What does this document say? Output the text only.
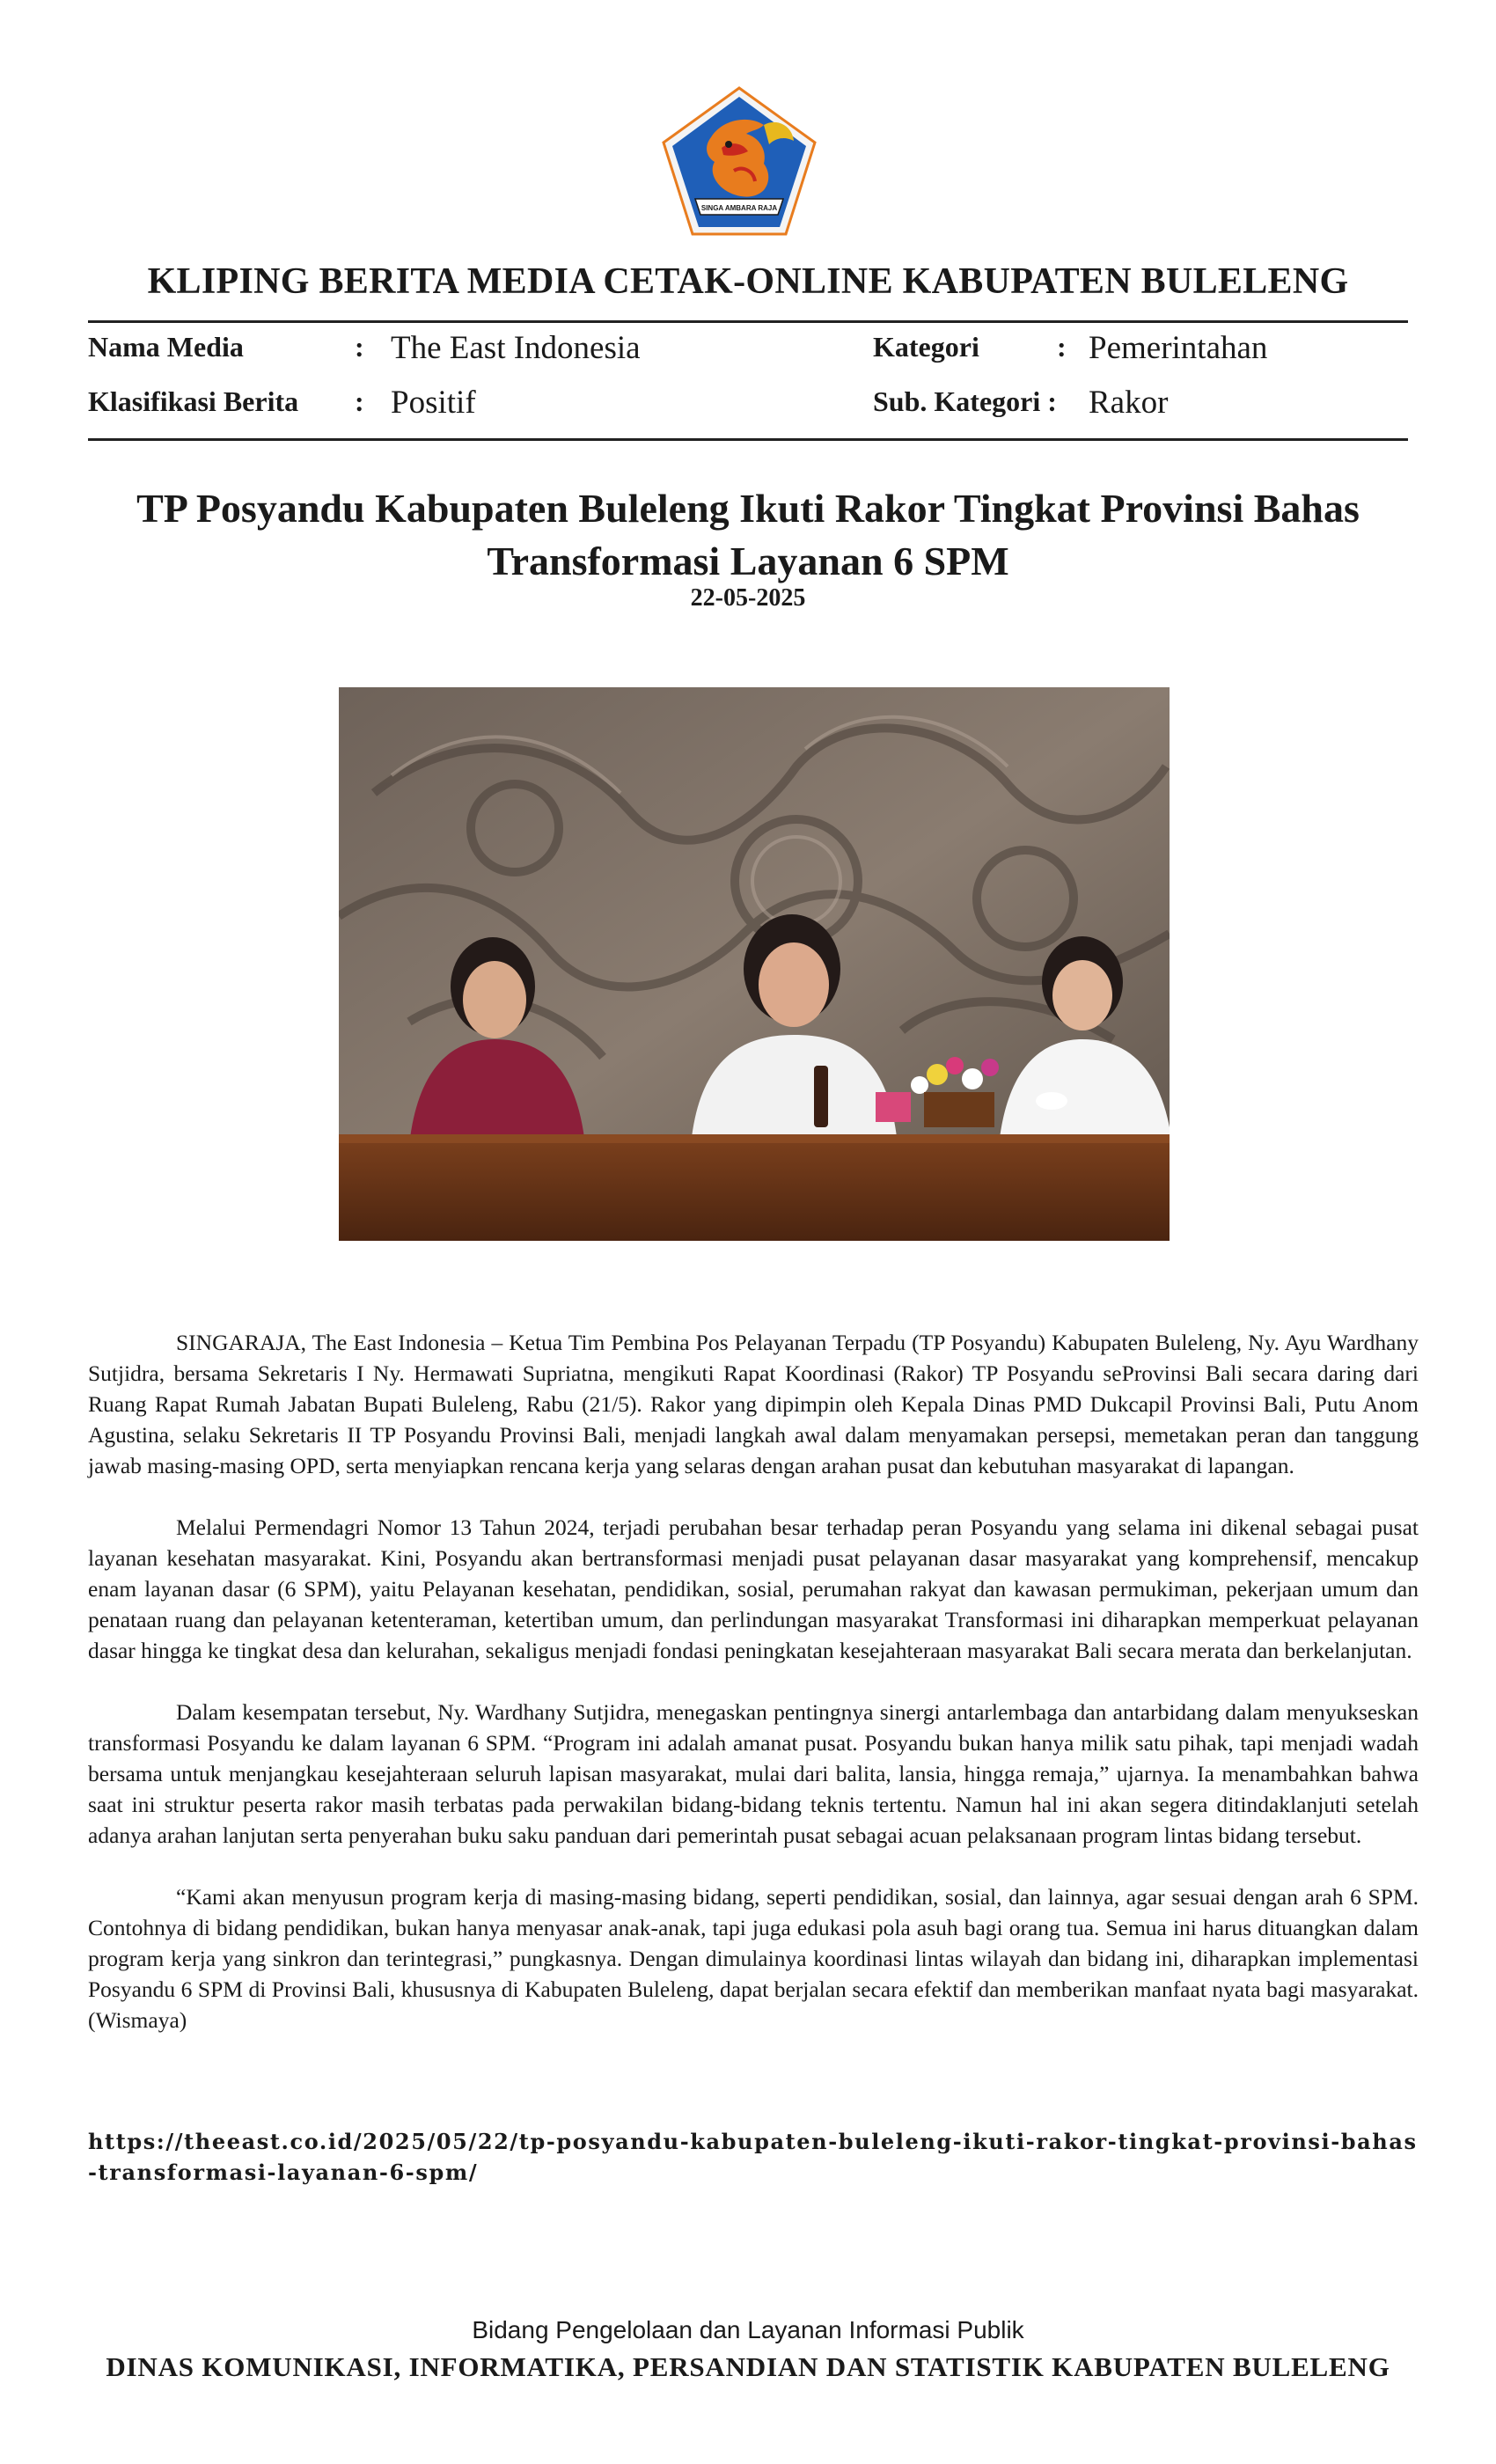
SINGA AMBARA RAJA
KLIPING BERITA MEDIA CETAK-ONLINE KABUPATEN BULELENG
Nama Media	: The East Indonesia	Kategori	: Pemerintahan
Klasifikasi Berita : Positif	Sub. Kategori : Rakor
TP Posyandu Kabupaten Buleleng Ikuti Rakor Tingkat Provinsi Bahas Transformasi Layanan 6 SPM
22-05-2025

SINGARAJA, The East Indonesia – Ketua Tim Pembina Pos Pelayanan Terpadu (TP Posyandu) Kabupaten Buleleng, Ny. Ayu Wardhany Sutjidra, bersama Sekretaris I Ny. Hermawati Supriatna, mengikuti Rapat Koordinasi (Rakor) TP Posyandu seProvinsi Bali secara daring dari Ruang Rapat Rumah Jabatan Bupati Buleleng, Rabu (21/5). Rakor yang dipimpin oleh Kepala Dinas PMD Dukcapil Provinsi Bali, Putu Anom Agustina, selaku Sekretaris II TP Posyandu Provinsi Bali, menjadi langkah awal dalam menyamakan persepsi, memetakan peran dan tanggung jawab masing-masing OPD, serta menyiapkan rencana kerja yang selaras dengan arahan pusat dan kebutuhan masyarakat di lapangan.

Melalui Permendagri Nomor 13 Tahun 2024, terjadi perubahan besar terhadap peran Posyandu yang selama ini dikenal sebagai pusat layanan kesehatan masyarakat. Kini, Posyandu akan bertransformasi menjadi pusat pelayanan dasar masyarakat yang komprehensif, mencakup enam layanan dasar (6 SPM), yaitu Pelayanan kesehatan, pendidikan, sosial, perumahan rakyat dan kawasan permukiman, pekerjaan umum dan penataan ruang dan pelayanan ketenteraman, ketertiban umum, dan perlindungan masyarakat Transformasi ini diharapkan memperkuat pelayanan dasar hingga ke tingkat desa dan kelurahan, sekaligus menjadi fondasi peningkatan kesejahteraan masyarakat Bali secara merata dan berkelanjutan.

Dalam kesempatan tersebut, Ny. Wardhany Sutjidra, menegaskan pentingnya sinergi antarlembaga dan antarbidang dalam menyukseskan transformasi Posyandu ke dalam layanan 6 SPM. “Program ini adalah amanat pusat. Posyandu bukan hanya milik satu pihak, tapi menjadi wadah bersama untuk menjangkau kesejahteraan seluruh lapisan masyarakat, mulai dari balita, lansia, hingga remaja,” ujarnya. Ia menambahkan bahwa saat ini struktur peserta rakor masih terbatas pada perwakilan bidang-bidang teknis tertentu. Namun hal ini akan segera ditindaklanjuti setelah adanya arahan lanjutan serta penyerahan buku saku panduan dari pemerintah pusat sebagai acuan pelaksanaan program lintas bidang tersebut.

“Kami akan menyusun program kerja di masing-masing bidang, seperti pendidikan, sosial, dan lainnya, agar sesuai dengan arah 6 SPM. Contohnya di bidang pendidikan, bukan hanya menyasar anak-anak, tapi juga edukasi pola asuh bagi orang tua. Semua ini harus dituangkan dalam program kerja yang sinkron dan terintegrasi,” pungkasnya. Dengan dimulainya koordinasi lintas wilayah dan bidang ini, diharapkan implementasi Posyandu 6 SPM di Provinsi Bali, khususnya di Kabupaten Buleleng, dapat berjalan secara efektif dan memberikan manfaat nyata bagi masyarakat.(Wismaya)

https://theeast.co.id/2025/05/22/tp-posyandu-kabupaten-buleleng-ikuti-rakor-tingkat-provinsi-bahas-transformasi-layanan-6-spm/
Bidang Pengelolaan dan Layanan Informasi Publik
DINAS KOMUNIKASI, INFORMATIKA, PERSANDIAN DAN STATISTIK KABUPATEN BULELENG
